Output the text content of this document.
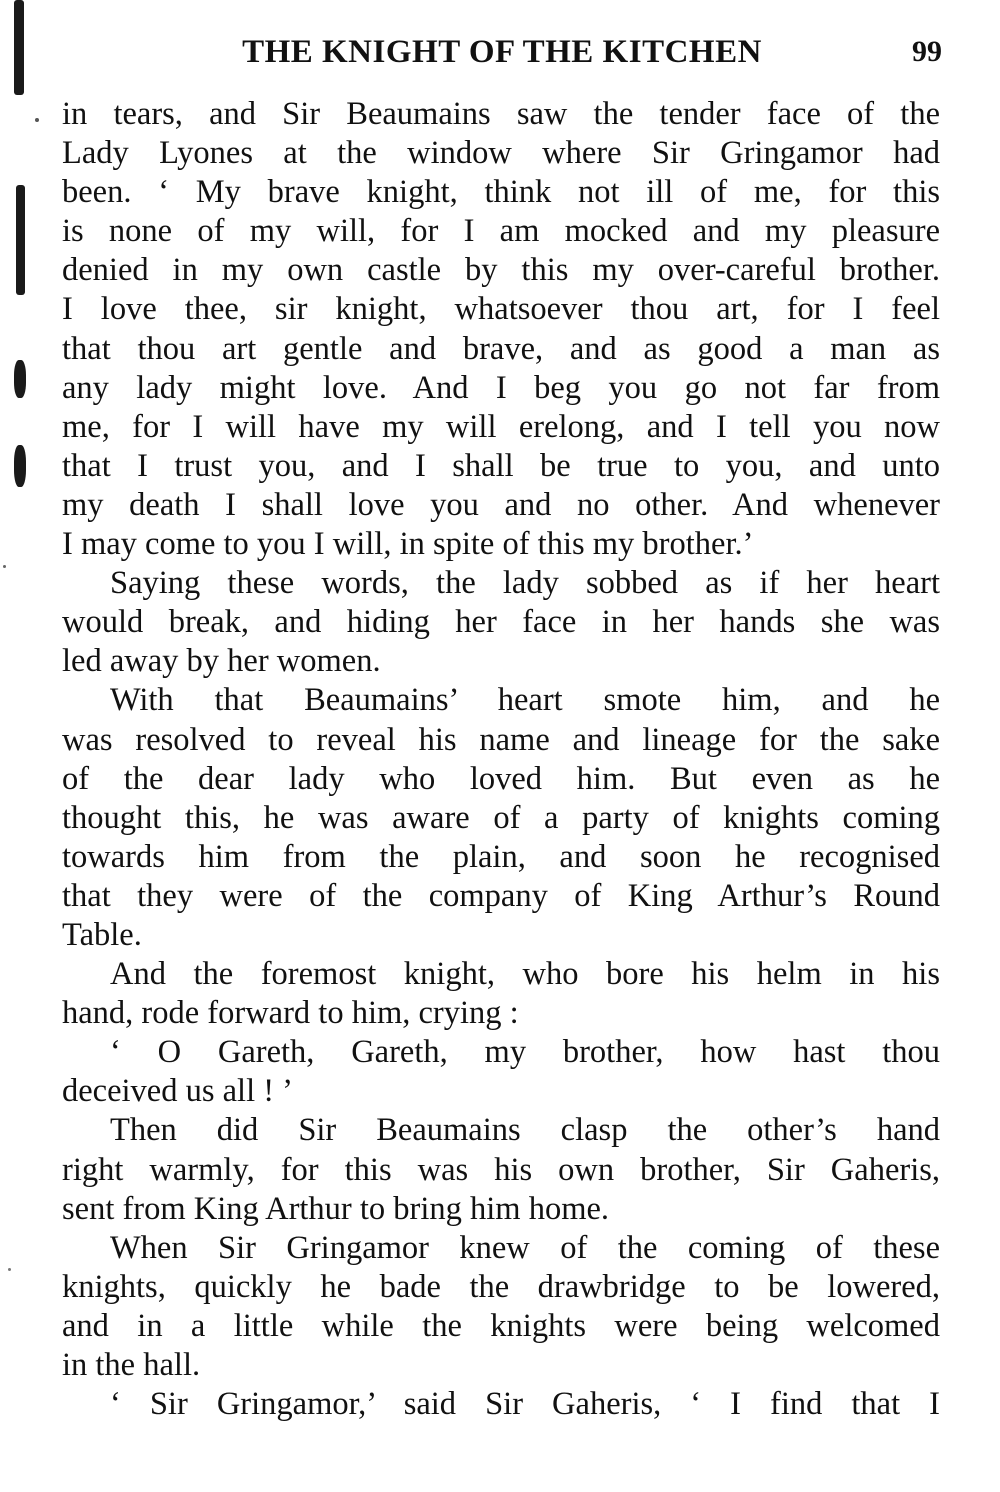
THE KNIGHT OF THE KITCHEN	99
in tears, and Sir Beaumains saw the tender face of the
Lady Lyones at the window where Sir Gringamor had
been. ‘ My brave knight, think not ill of me, for this
is none of my will, for I am mocked and my pleasure
denied in my own castle by this my over-careful brother.
I love thee, sir knight, whatsoever thou art, for I feel
that thou art gentle and brave, and as good a man as
any lady might love. And I beg you go not far from
me, for I will have my will erelong, and I tell you now
that I trust you, and I shall be true to you, and unto
my death I shall love you and no other. And whenever
I may come to you I will, in spite of this my brother.’
Saying these words, the lady sobbed as if her heart
would break, and hiding her face in her hands she was
led away by her women.
With that Beaumains’ heart smote him, and he
was resolved to reveal his name and lineage for the sake
of the dear lady who loved him. But even as he
thought this, he was aware of a party of knights coming
towards him from the plain, and soon he recognised
that they were of the company of King Arthur’s Round
Table.
And the foremost knight, who bore his helm in his
hand, rode forward to him, crying :
‘ O Gareth, Gareth, my brother, how hast thou
deceived us all ! ’
Then did Sir Beaumains clasp the other’s hand
right warmly, for this was his own brother, Sir Gaheris,
sent from King Arthur to bring him home.
When Sir Gringamor knew of the coming of these
knights, quickly he bade the drawbridge to be lowered,
and in a little while the knights were being welcomed
in the hall.
‘ Sir Gringamor,’ said Sir Gaheris, ‘ I find that I
